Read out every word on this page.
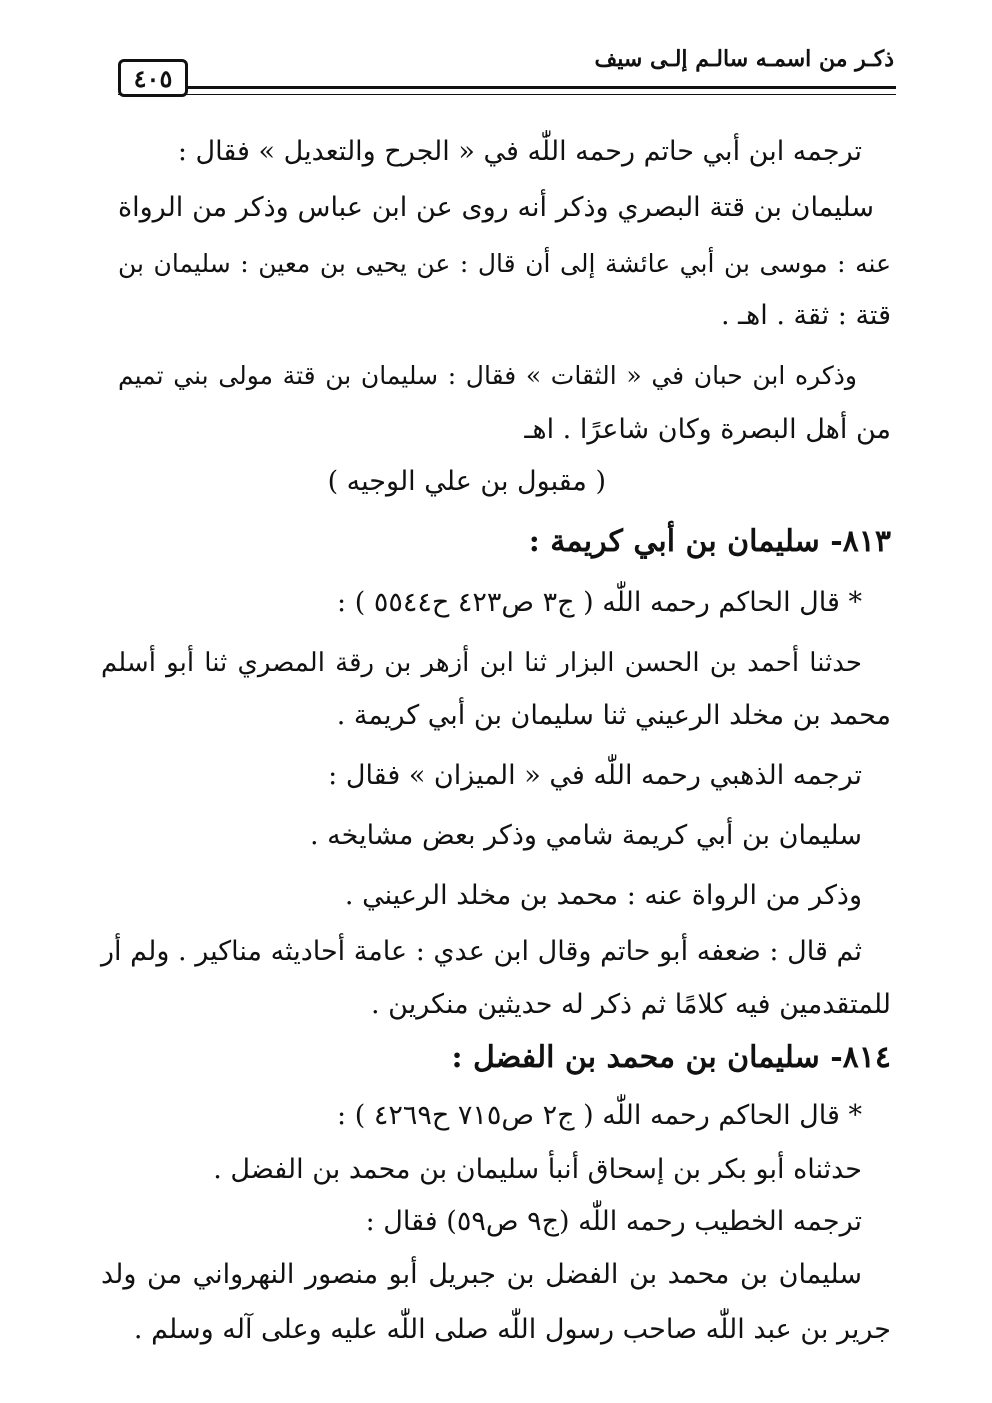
ذكـر من اسمـه سالـم إلـى سيف
٤٠٥
ترجمه ابن أبي حاتم رحمه اللّٰه في « الجرح والتعديل » فقال :
سليمان بن قتة البصري وذكر أنه روى عن ابن عباس وذكر من الرواة
عنه : موسى بن أبي عائشة إلى أن قال : عن يحيى بن معين : سليمان بن
قتة : ثقة . اهـ .
وذكره ابن حبان في « الثقات » فقال : سليمان بن قتة مولى بني تميم
من أهل البصرة وكان شاعرًا . اهـ
( مقبول بن علي الوجيه )
٨١٣- سليمان بن أبي كريمة :
* قال الحاكم رحمه اللّٰه ( ج٣ ص٤٢٣ ح٥٥٤٤ ) :
حدثنا أحمد بن الحسن البزار ثنا ابن أزهر بن رقة المصري ثنا أبو أسلم
محمد بن مخلد الرعيني ثنا سليمان بن أبي كريمة .
ترجمه الذهبي رحمه اللّٰه في « الميزان » فقال :
سليمان بن أبي كريمة شامي وذكر بعض مشايخه .
وذكر من الرواة عنه : محمد بن مخلد الرعيني .
ثم قال : ضعفه أبو حاتم وقال ابن عدي : عامة أحاديثه مناكير . ولم أر
للمتقدمين فيه كلامًا ثم ذكر له حديثين منكرين .
٨١٤- سليمان بن محمد بن الفضل :
* قال الحاكم رحمه اللّٰه ( ج٢ ص٧١٥ ح٤٢٦٩ ) :
حدثناه أبو بكر بن إسحاق أنبأ سليمان بن محمد بن الفضل .
ترجمه الخطيب رحمه اللّٰه (ج٩ ص٥٩) فقال :
سليمان بن محمد بن الفضل بن جبريل أبو منصور النهرواني من ولد
جرير بن عبد اللّٰه صاحب رسول اللّٰه صلى اللّٰه عليه وعلى آله وسلم .
